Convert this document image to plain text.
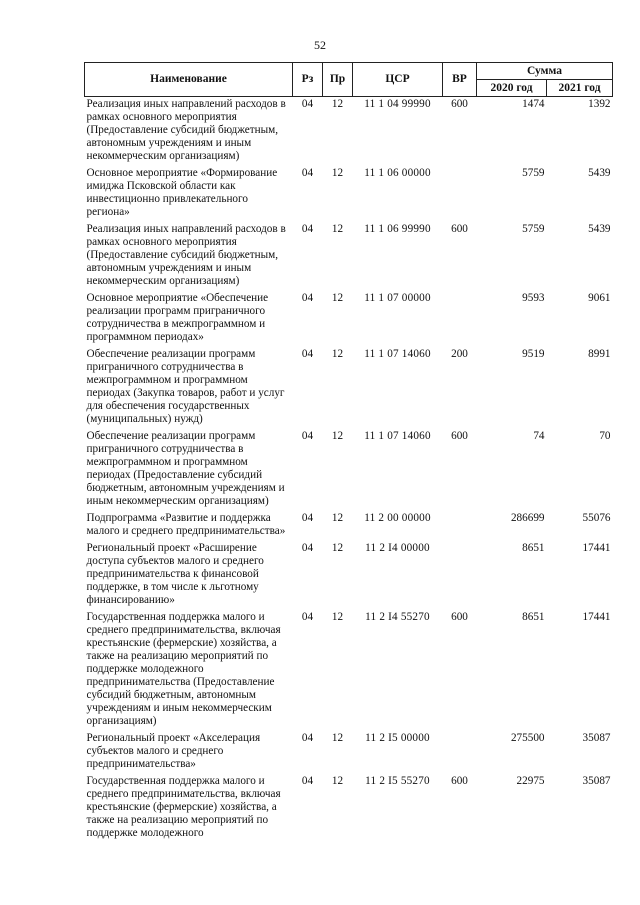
52
Наименование	Рз	Пр	ЦСР	ВР	Сумма	
					2020 год	2021 год
Реализация иных направлений расходов в рамках основного мероприятия (Предоставление субсидий бюджетным, автономным учреждениям и иным некоммерческим организациям)	04	12	11 1 04 99990	600	1474	1392
Основное мероприятие «Формирование имиджа Псковской области как инвестиционно привлекательного региона»	04	12	11 1 06 00000		5759	5439
Реализация иных направлений расходов в рамках основного мероприятия (Предоставление субсидий бюджетным, автономным учреждениям и иным некоммерческим организациям)	04	12	11 1 06 99990	600	5759	5439
Основное мероприятие «Обеспечение реализации программ приграничного сотрудничества в межпрограммном и программном периодах»	04	12	11 1 07 00000		9593	9061
Обеспечение реализации программ приграничного сотрудничества в межпрограммном и программном периодах (Закупка товаров, работ и услуг для обеспечения государственных (муниципальных) нужд)	04	12	11 1 07 14060	200	9519	8991
Обеспечение реализации программ приграничного сотрудничества в межпрограммном и программном периодах (Предоставление субсидий бюджетным, автономным учреждениям и иным некоммерческим организациям)	04	12	11 1 07 14060	600	74	70
Подпрограмма «Развитие и поддержка малого и среднего предпринимательства»	04	12	11 2 00 00000		286699	55076
Региональный проект «Расширение доступа субъектов малого и среднего предпринимательства к финансовой поддержке, в том числе к льготному финансированию»	04	12	11 2 I4 00000		8651	17441
Государственная поддержка малого и среднего предпринимательства, включая крестьянские (фермерские) хозяйства, а также на реализацию мероприятий по поддержке молодежного предпринимательства (Предоставление субсидий бюджетным, автономным учреждениям и иным некоммерческим организациям)	04	12	11 2 I4 55270	600	8651	17441
Региональный проект «Акселерация субъектов малого и среднего предпринимательства»	04	12	11 2 I5 00000		275500	35087
Государственная поддержка малого и среднего предпринимательства, включая крестьянские (фермерские) хозяйства, а также на реализацию мероприятий по поддержке молодежного	04	12	11 2 I5 55270	600	22975	35087
